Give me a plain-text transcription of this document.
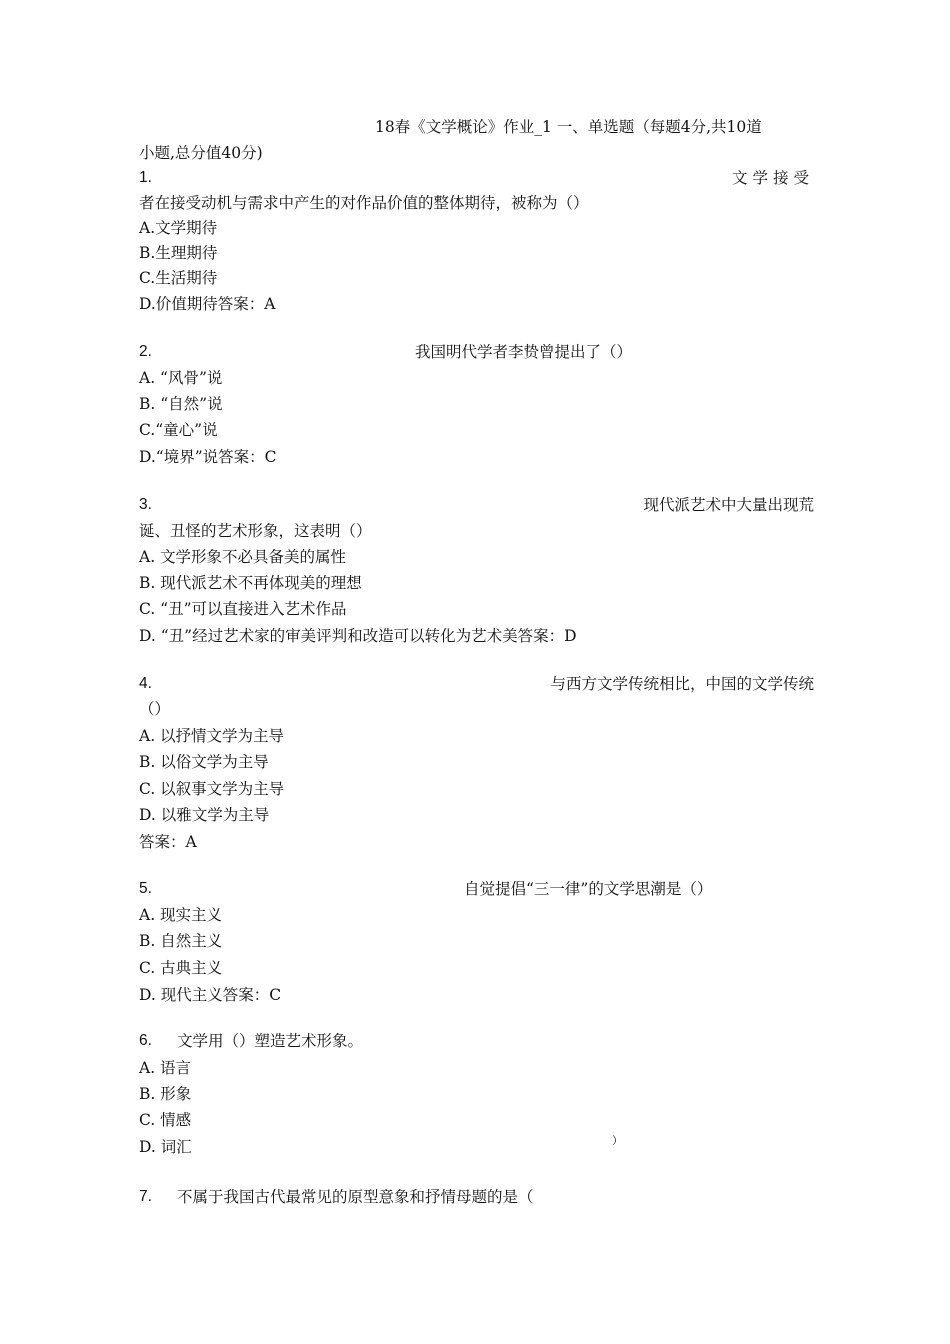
18春《文学概论》作业_1 一、单选题（每题4分,共10道
小题,总分值40分)
1.	文学接受
者在接受动机与需求中产生的对作品价值的整体期待，被称为（）
A.文学期待
B.生理期待
C.生活期待
D.价值期待答案：A
2.	我国明代学者李贽曾提出了（）
A. “风骨”说
B. “自然”说
C.“童心”说
D.“境界”说答案：C
3.	现代派艺术中大量出现荒
诞、丑怪的艺术形象，这表明（）
A. 文学形象不必具备美的属性
B. 现代派艺术不再体现美的理想
C. “丑”可以直接进入艺术作品
D. “丑”经过艺术家的审美评判和改造可以转化为艺术美答案：D
4.	与西方文学传统相比，中国的文学传统
（）
A. 以抒情文学为主导
B. 以俗文学为主导
C. 以叙事文学为主导
D. 以雅文学为主导
答案：A
5.	自觉提倡“三一律”的文学思潮是（）
A. 现实主义
B. 自然主义
C. 古典主义
D. 现代主义答案：C
6. 文学用（）塑造艺术形象。
A. 语言
B. 形象
C. 情感
D. 词汇	）
7. 不属于我国古代最常见的原型意象和抒情母题的是（
